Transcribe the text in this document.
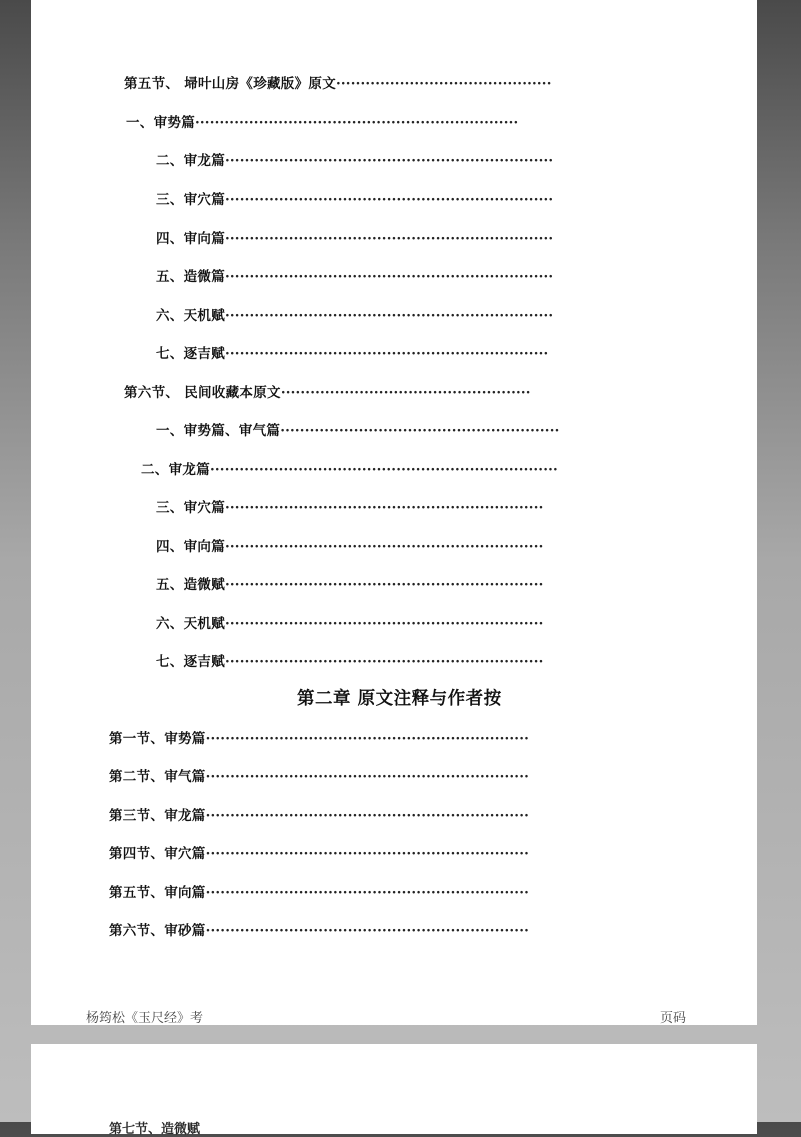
第五节、 埽叶山房《珍藏版》原文 ············································
一、审势篇 ··································································
二、审龙篇 ···································································
三、审穴篇 ···································································
四、审向篇 ···································································
五、造微篇 ···································································
六、天机赋 ···································································
七、逐吉赋 ··································································
第六节、 民间收藏本原文 ···················································
一、审势篇、审气篇 ·························································
二、审龙篇 ·······································································
三、审穴篇 ·································································
四、审向篇 ·································································
五、造微赋 ·································································
六、天机赋 ·································································
七、逐吉赋 ·································································
第二章 原文注释与作者按
第一节、审势篇 ··································································
第二节、审气篇 ··································································
第三节、审龙篇 ··································································
第四节、审穴篇 ··································································
第五节、审向篇 ··································································
第六节、审砂篇 ··································································
杨筠松《玉尺经》考	页码
第七节、造微赋
